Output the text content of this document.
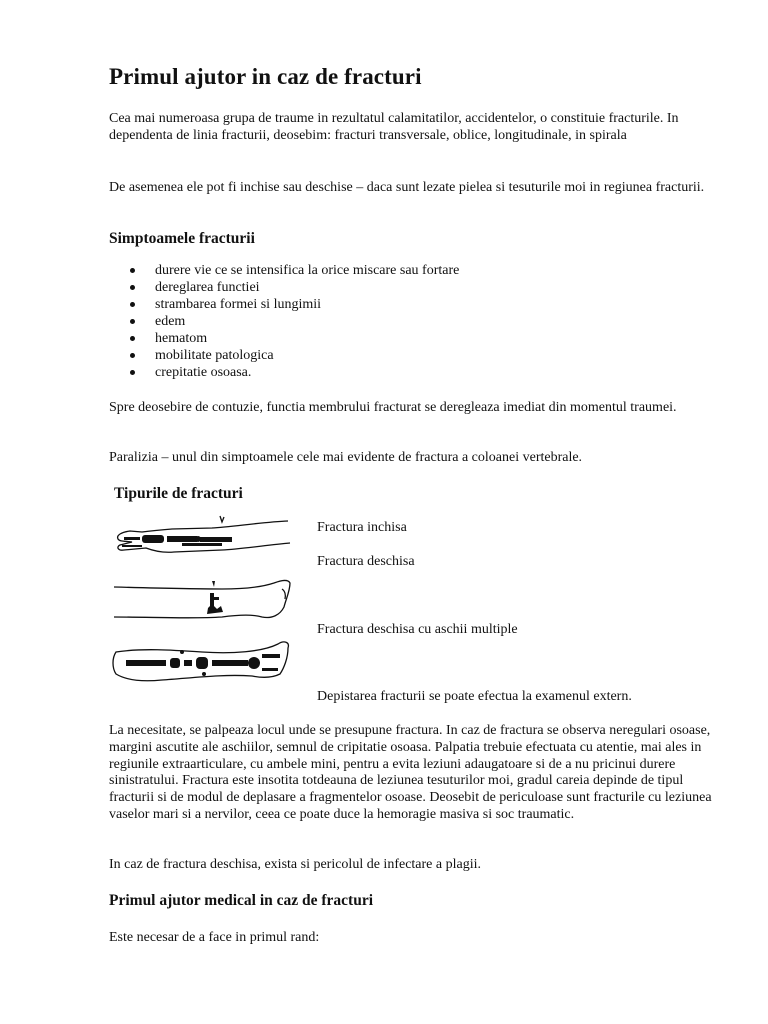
Primul ajutor in caz de fracturi

Cea mai numeroasa grupa de traume in rezultatul calamitatilor, accidentelor, o constituie fracturile. In dependenta de linia fracturii, deosebim: fracturi transversale, oblice, longitudinale, in spirala

De asemenea ele pot fi inchise sau deschise – daca sunt lezate pielea si tesuturile moi in regiunea fracturii.

Simptoamele fracturii
durere vie ce se intensifica la orice miscare sau fortare
dereglarea functiei
strambarea formei si lungimii
edem
hematom
mobilitate patologica
crepitatie osoasa.

Spre deosebire de contuzie, functia membrului fracturat se deregleaza imediat din momentul traumei.

Paralizia – unul din simptoamele cele mai evidente de fractura a coloanei vertebrale.

Tipurile de fracturi

Fractura inchisa

Fractura deschisa

Fractura deschisa cu aschii multiple

Depistarea fracturii se poate efectua la examenul extern.

La necesitate, se palpeaza locul unde se presupune fractura. In caz de fractura se observa neregulari osoase, margini ascutite ale aschiilor, semnul de cripitatie osoasa. Palpatia trebuie efectuata cu atentie, mai ales in regiunile extraarticulare, cu ambele mini, pentru a evita leziuni adaugatoare si de a nu pricinui durere sinistratului. Fractura este insotita totdeauna de leziunea tesuturilor moi, gradul careia depinde de tipul fracturii si de modul de deplasare a fragmentelor osoase. Deosebit de periculoase sunt fracturile cu leziunea vaselor mari si a nervilor, ceea ce poate duce la hemoragie masiva si soc traumatic.

In caz de fractura deschisa, exista si pericolul de infectare a plagii.

Primul ajutor medical in caz de fracturi

Este necesar de a face in primul rand:
